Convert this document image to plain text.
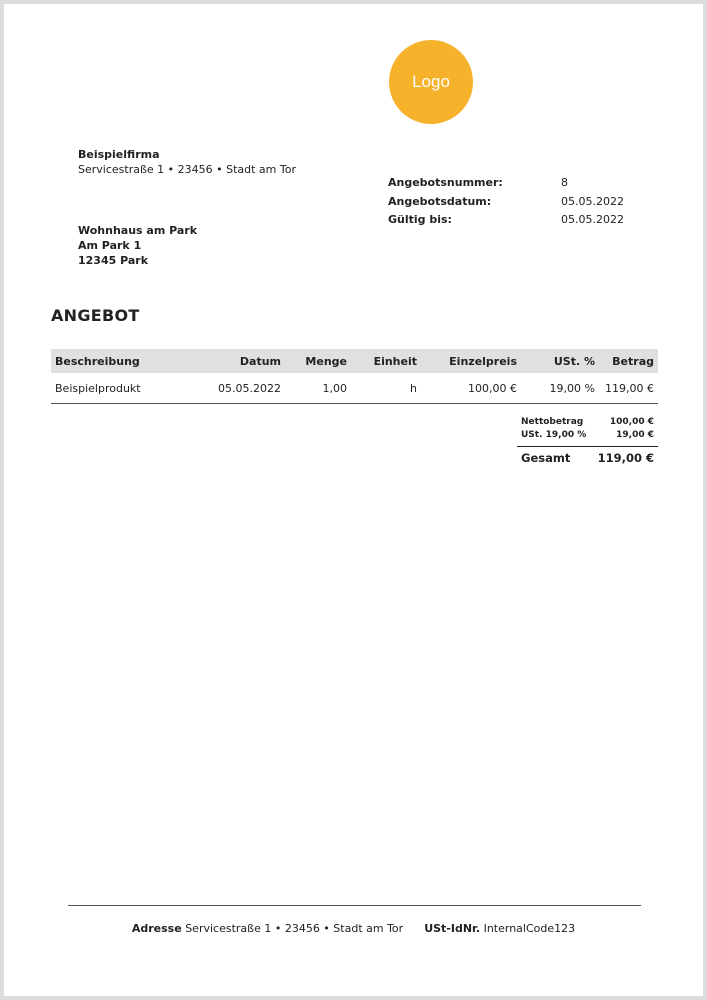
Logo
Beispielfirma
Servicestraße 1 • 23456 • Stadt am Tor
Angebotsnummer:	8
Angebotsdatum:	05.05.2022
Gültig bis:	05.05.2022
Wohnhaus am Park
Am Park 1
12345 Park
ANGEBOT
Beschreibung	Datum	Menge	Einheit	Einzelpreis	USt. %	Betrag
Beispielprodukt	05.05.2022	1,00	h	100,00 €	19,00 %	119,00 €
Nettobetrag	100,00 €
USt. 19,00 %	19,00 €
Gesamt 119,00 €
Adresse Servicestraße 1 • 23456 • Stadt am Tor USt-IdNr. InternalCode123
